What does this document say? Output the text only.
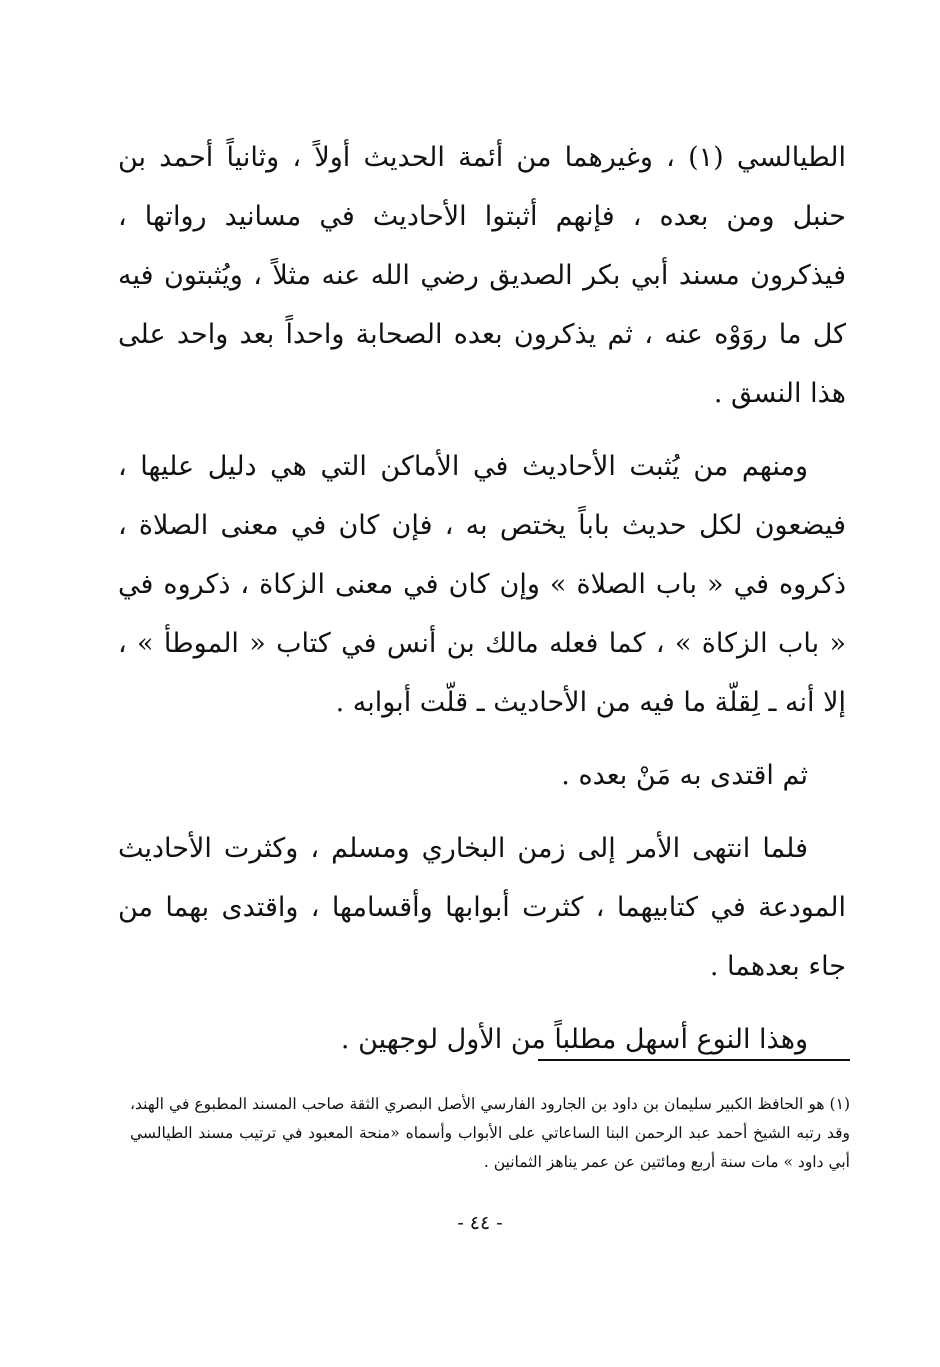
الطيالسي (١) ، وغيرهما من أئمة الحديث أولاً ، وثانياً أحمد بن حنبل ومن بعده ، فإنهم أثبتوا الأحاديث في مسانيد رواتها ، فيذكرون مسند أبي بكر الصديق رضي الله عنه مثلاً ، ويُثبتون فيه كل ما روَوْه عنه ، ثم يذكرون بعده الصحابة واحداً بعد واحد على هذا النسق .

ومنهم من يُثبت الأحاديث في الأماكن التي هي دليل عليها ، فيضعون لكل حديث باباً يختص به ، فإن كان في معنى الصلاة ، ذكروه في « باب الصلاة » وإن كان في معنى الزكاة ، ذكروه في « باب الزكاة » ، كما فعله مالك بن أنس في كتاب « الموطأ » ، إلا أنه ـ لِقلّة ما فيه من الأحاديث ـ قلّت أبوابه .

ثم اقتدى به مَنْ بعده .

فلما انتهى الأمر إلى زمن البخاري ومسلم ، وكثرت الأحاديث المودعة في كتابيهما ، كثرت أبوابها وأقسامها ، واقتدى بهما من جاء بعدهما .

وهذا النوع أسهل مطلباً من الأول لوجهين .

(١) هو الحافظ الكبير سليمان بن داود بن الجارود الفارسي الأصل البصري الثقة صاحب المسند المطبوع في الهند، وقد رتبه الشيخ أحمد عبد الرحمن البنا الساعاتي على الأبواب وأسماه «منحة المعبود في ترتيب مسند الطيالسي أبي داود » مات سنة أربع ومائتين عن عمر يناهز الثمانين .

- ٤٤ -
